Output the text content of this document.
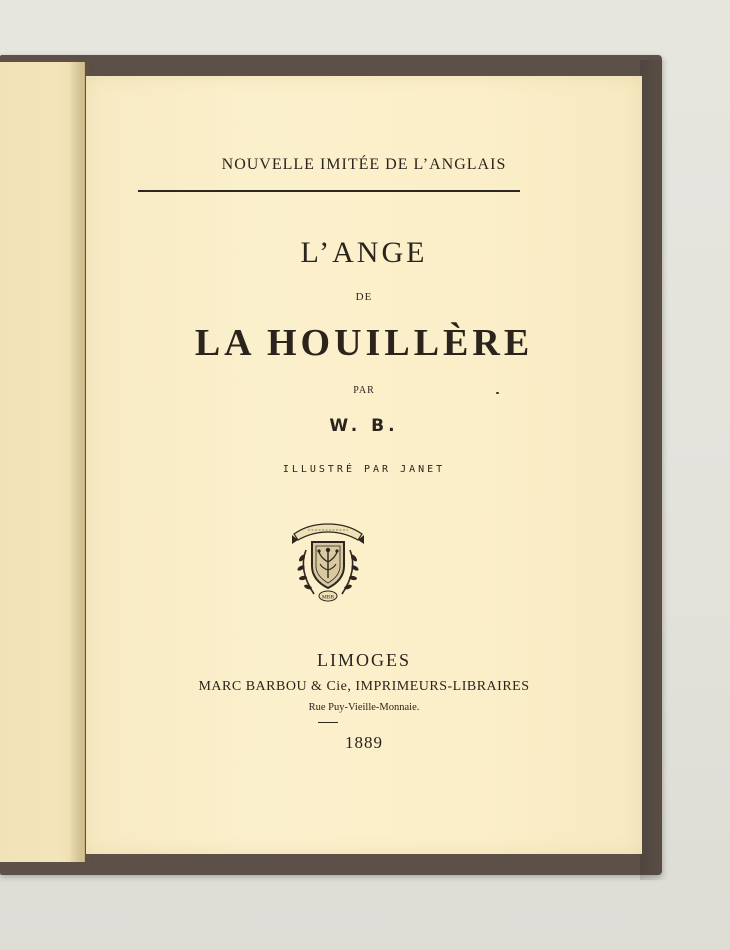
NOUVELLE IMITÉE DE L’ANGLAIS
L’ANGE
DE
LA HOUILLÈRE
PAR
W. B.
ILLUSTRÉ PAR JANET
MBB
LIMOGES
MARC BARBOU & Cie, IMPRIMEURS-LIBRAIRES
Rue Puy-Vieille-Monnaie.
1889
